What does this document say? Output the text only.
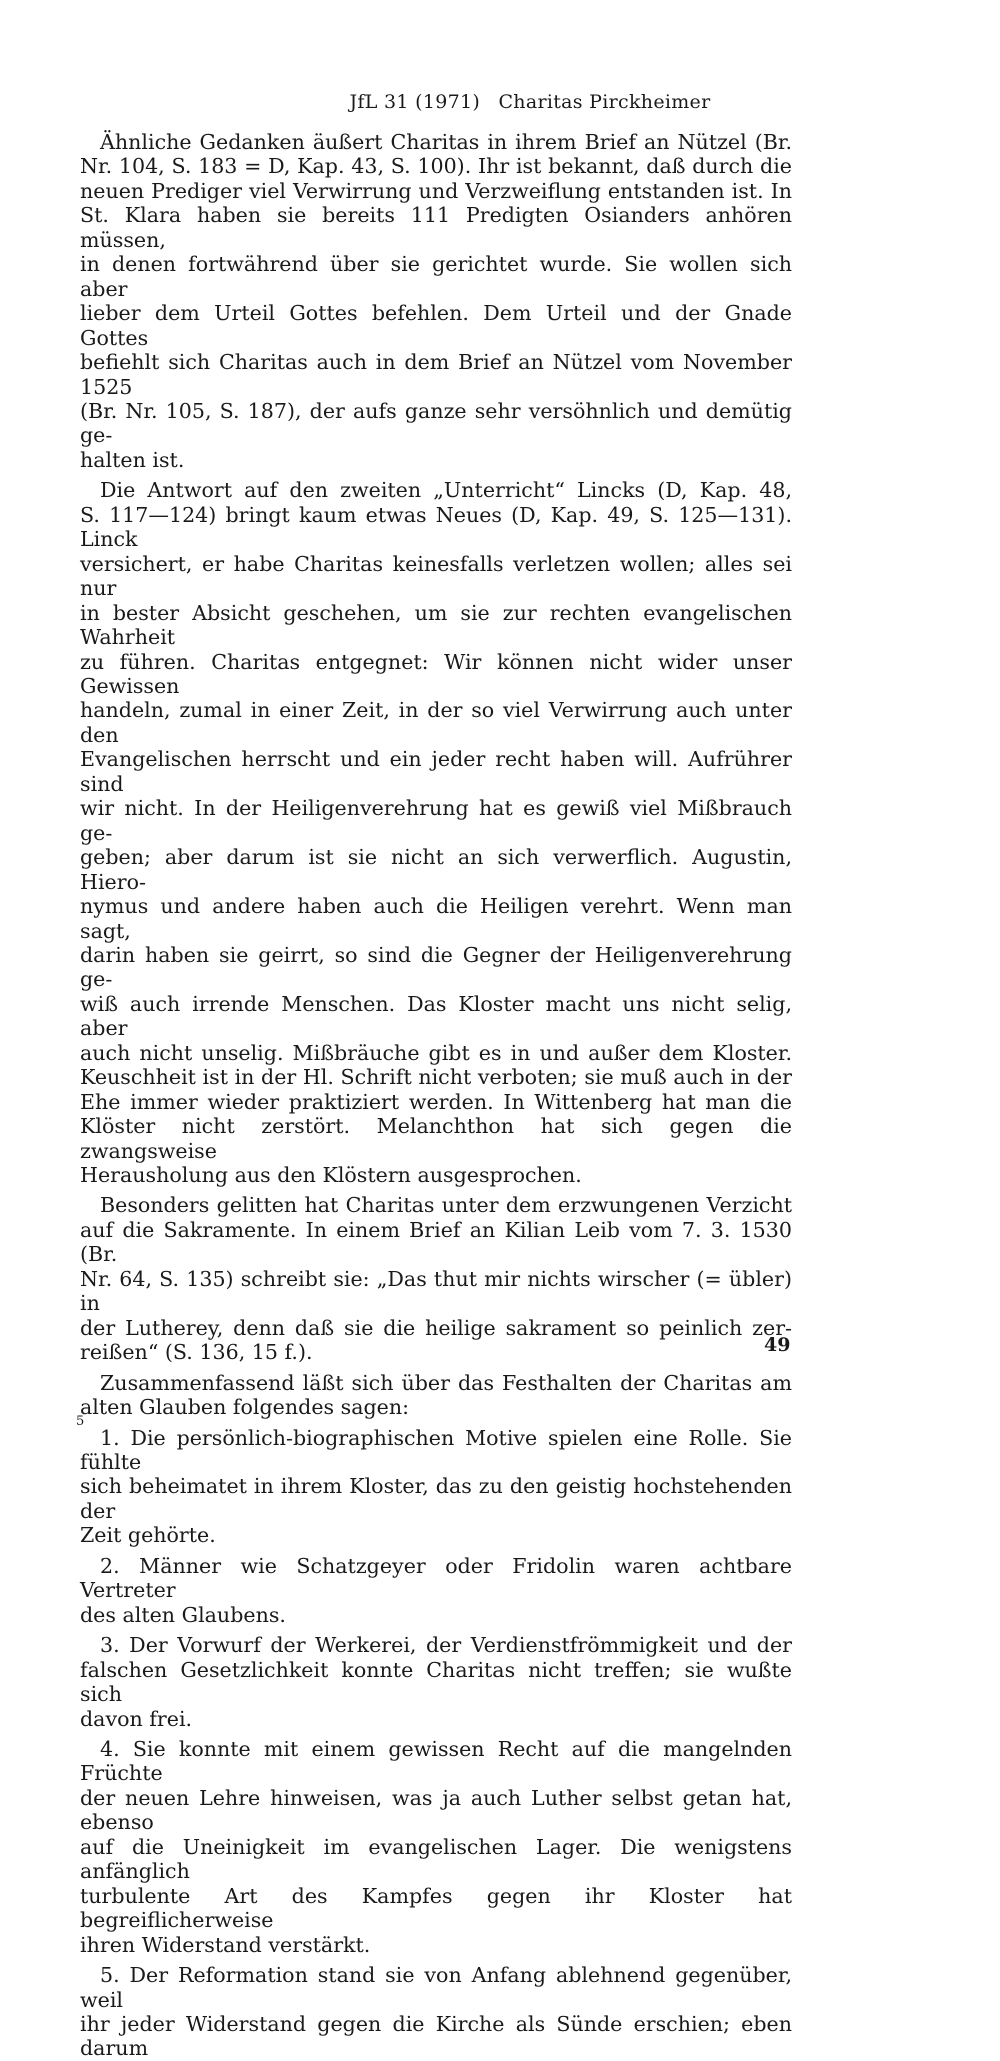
JfL 31 (1971) Charitas Pirckheimer

Ähnliche Gedanken äußert Charitas in ihrem Brief an Nützel (Br.
Nr. 104, S. 183 = D, Kap. 43, S. 100). Ihr ist bekannt, daß durch die
neuen Prediger viel Verwirrung und Verzweiflung entstanden ist. In
St. Klara haben sie bereits 111 Predigten Osianders anhören müssen,
in denen fortwährend über sie gerichtet wurde. Sie wollen sich aber
lieber dem Urteil Gottes befehlen. Dem Urteil und der Gnade Gottes
befiehlt sich Charitas auch in dem Brief an Nützel vom November 1525
(Br. Nr. 105, S. 187), der aufs ganze sehr versöhnlich und demütig ge-
halten ist.

Die Antwort auf den zweiten „Unterricht“ Lincks (D, Kap. 48,
S. 117—124) bringt kaum etwas Neues (D, Kap. 49, S. 125—131). Linck
versichert, er habe Charitas keinesfalls verletzen wollen; alles sei nur
in bester Absicht geschehen, um sie zur rechten evangelischen Wahrheit
zu führen. Charitas entgegnet: Wir können nicht wider unser Gewissen
handeln, zumal in einer Zeit, in der so viel Verwirrung auch unter den
Evangelischen herrscht und ein jeder recht haben will. Aufrührer sind
wir nicht. In der Heiligenverehrung hat es gewiß viel Mißbrauch ge-
geben; aber darum ist sie nicht an sich verwerflich. Augustin, Hiero-
nymus und andere haben auch die Heiligen verehrt. Wenn man sagt,
darin haben sie geirrt, so sind die Gegner der Heiligenverehrung ge-
wiß auch irrende Menschen. Das Kloster macht uns nicht selig, aber
auch nicht unselig. Mißbräuche gibt es in und außer dem Kloster.
Keuschheit ist in der Hl. Schrift nicht verboten; sie muß auch in der
Ehe immer wieder praktiziert werden. In Wittenberg hat man die
Klöster nicht zerstört. Melanchthon hat sich gegen die zwangsweise
Herausholung aus den Klöstern ausgesprochen.

Besonders gelitten hat Charitas unter dem erzwungenen Verzicht
auf die Sakramente. In einem Brief an Kilian Leib vom 7. 3. 1530 (Br.
Nr. 64, S. 135) schreibt sie: „Das thut mir nichts wirscher (= übler) in
der Lutherey, denn daß sie die heilige sakrament so peinlich zer-
reißen“ (S. 136, 15 f.).

Zusammenfassend läßt sich über das Festhalten der Charitas am
alten Glauben folgendes sagen:

1. Die persönlich-biographischen Motive spielen eine Rolle. Sie fühlte
sich beheimatet in ihrem Kloster, das zu den geistig hochstehenden der
Zeit gehörte.

2. Männer wie Schatzgeyer oder Fridolin waren achtbare Vertreter
des alten Glaubens.

3. Der Vorwurf der Werkerei, der Verdienstfrömmigkeit und der
falschen Gesetzlichkeit konnte Charitas nicht treffen; sie wußte sich
davon frei.

4. Sie konnte mit einem gewissen Recht auf die mangelnden Früchte
der neuen Lehre hinweisen, was ja auch Luther selbst getan hat, ebenso
auf die Uneinigkeit im evangelischen Lager. Die wenigstens anfänglich
turbulente Art des Kampfes gegen ihr Kloster hat begreiflicherweise
ihren Widerstand verstärkt.

5. Der Reformation stand sie von Anfang ablehnend gegenüber, weil
ihr jeder Widerstand gegen die Kirche als Sünde erschien; eben darum

49
5
